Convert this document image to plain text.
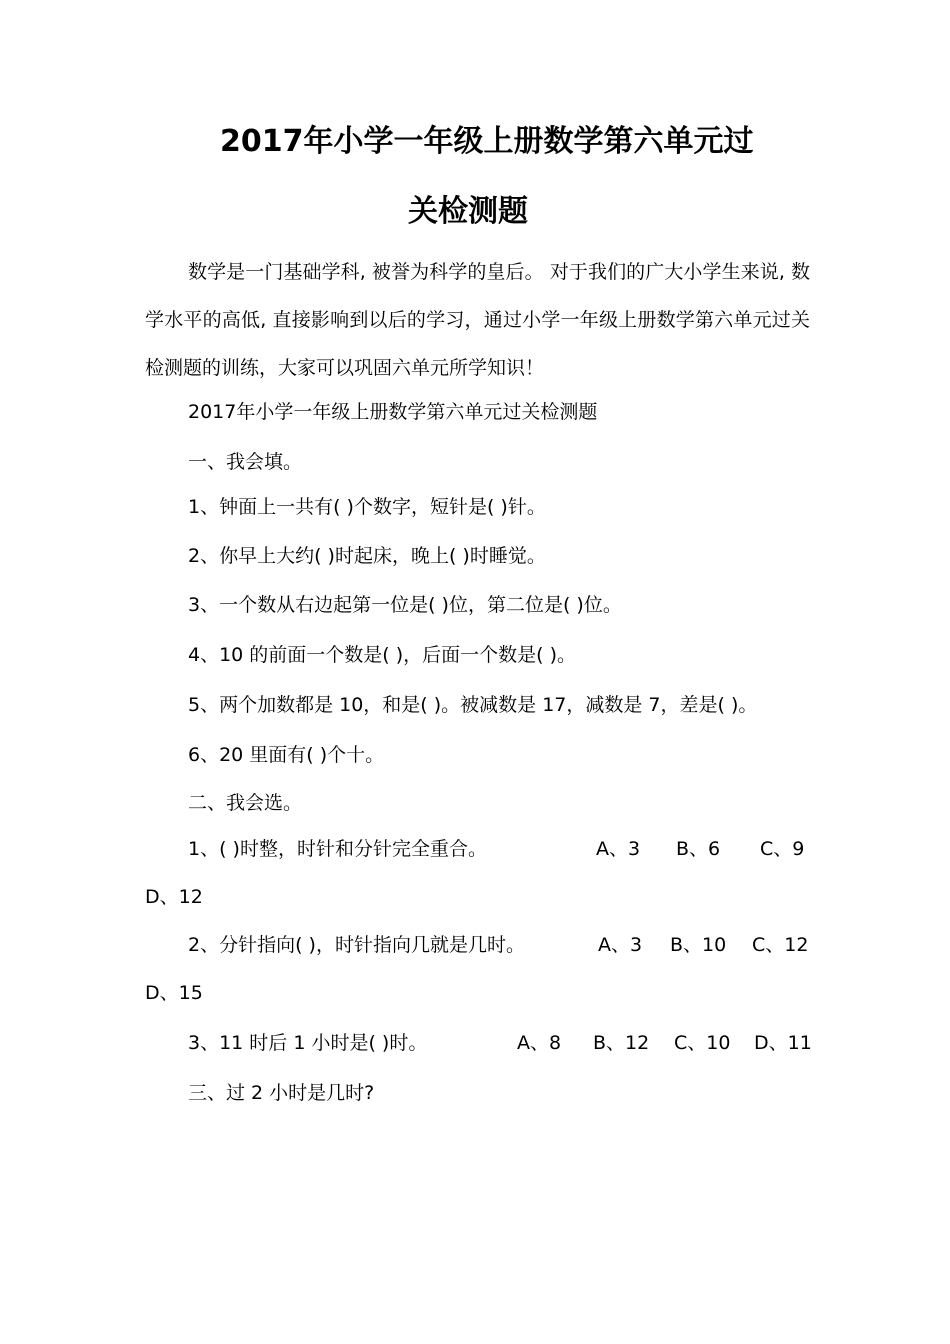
2017年小学一年级上册数学第六单元过
关检测题
数学是一门基础学科, 被誉为科学的皇后。 对于我们的广大小学生来说, 数学水平的高低, 直接影响到以后的学习，通过小学一年级上册数学第六单元过关检测题的训练，大家可以巩固六单元所学知识！
2017年小学一年级上册数学第六单元过关检测题
一、我会填。
1、钟面上一共有( )个数字，短针是( )针。
2、你早上大约( )时起床，晚上( )时睡觉。
3、一个数从右边起第一位是( )位，第二位是( )位。
4、10 的前面一个数是( )，后面一个数是( )。
5、两个加数都是 10，和是( )。被减数是 17，减数是 7，差是( )。
6、20 里面有( )个十。
二、我会选。
1、( )时整，时针和分针完全重合。	A、3 B、6 C、9
D、12
2、分针指向( )，时针指向几就是几时。	A、3 B、10 C、12
D、15
3、11 时后 1 小时是( )时。	A、8 B、12 C、10 D、11
三、过 2 小时是几时?
